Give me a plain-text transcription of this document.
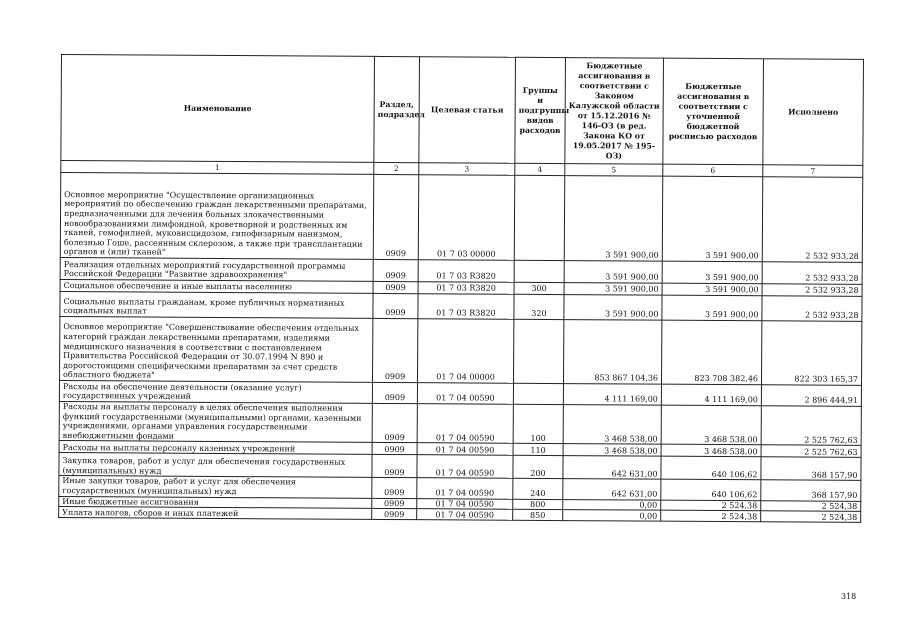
Наименование	Раздел, подраздел	Целевая статья	Группы и подгруппы видов расходов	Бюджетные ассигнования в соответствии с Законом Калужской области от 15.12.2016 № 146-ОЗ (в ред. Закона КО от 19.05.2017 № 195-ОЗ)	Бюджетные ассигнования в соответствии с уточненной бюджетной росписью расходов	Исполнено
1	2	3	4	5	6	7
Основное мероприятие "Осуществление организационных мероприятий по обеспечению граждан лекарственными препаратами, предназначенными для лечения больных злокачественными новообразованиями лимфоидной, кроветворной и родственных им тканей, гемофилией, муковисцидозом, гипофизарным нанизмом, болезнью Гоше, рассеянным склерозом, а также при трансплантации органов и (или) тканей"	0909	01 7 03 00000		3 591 900,00	3 591 900,00	2 532 933,28
Реализация отдельных мероприятий государственной программы Российской Федерации "Развитие здравоохранения"	0909	01 7 03 R3820		3 591 900,00	3 591 900,00	2 532 933,28
Социальное обеспечение и иные выплаты населению	0909	01 7 03 R3820	300	3 591 900,00	3 591 900,00	2 532 933,28
Социальные выплаты гражданам, кроме публичных нормативных социальных выплат	0909	01 7 03 R3820	320	3 591 900,00	3 591 900,00	2 532 933,28
Основное мероприятие "Совершенствование обеспечения отдельных категорий граждан лекарственными препаратами, изделиями медицинского назначения в соответствии с постановлением Правительства Российской Федерации от 30.07.1994 N 890 и дорогостоящими специфическими препаратами за счет средств областного бюджета"	0909	01 7 04 00000		853 867 104,36	823 708 382,46	822 303 165,37
Расходы на обеспечение деятельности (оказание услуг) государственных учреждений	0909	01 7 04 00590		4 111 169,00	4 111 169,00	2 896 444,91
Расходы на выплаты персоналу в целях обеспечения выполнения функций государственными (муниципальными) органами, казенными учреждениями, органами управления государственными внебюджетными фондами	0909	01 7 04 00590	100	3 468 538,00	3 468 538,00	2 525 762,63
Расходы на выплаты персоналу казенных учреждений	0909	01 7 04 00590	110	3 468 538,00	3 468 538,00	2 525 762,63
Закупка товаров, работ и услуг для обеспечения государственных (муниципальных) нужд	0909	01 7 04 00590	200	642 631,00	640 106,62	368 157,90
Иные закупки товаров, работ и услуг для обеспечения государственных (муниципальных) нужд	0909	01 7 04 00590	240	642 631,00	640 106,62	368 157,90
Иные бюджетные ассигнования	0909	01 7 04 00590	800	0,00	2 524,38	2 524,38
Уплата налогов, сборов и иных платежей	0909	01 7 04 00590	850	0,00	2 524,38	2 524,38
318
